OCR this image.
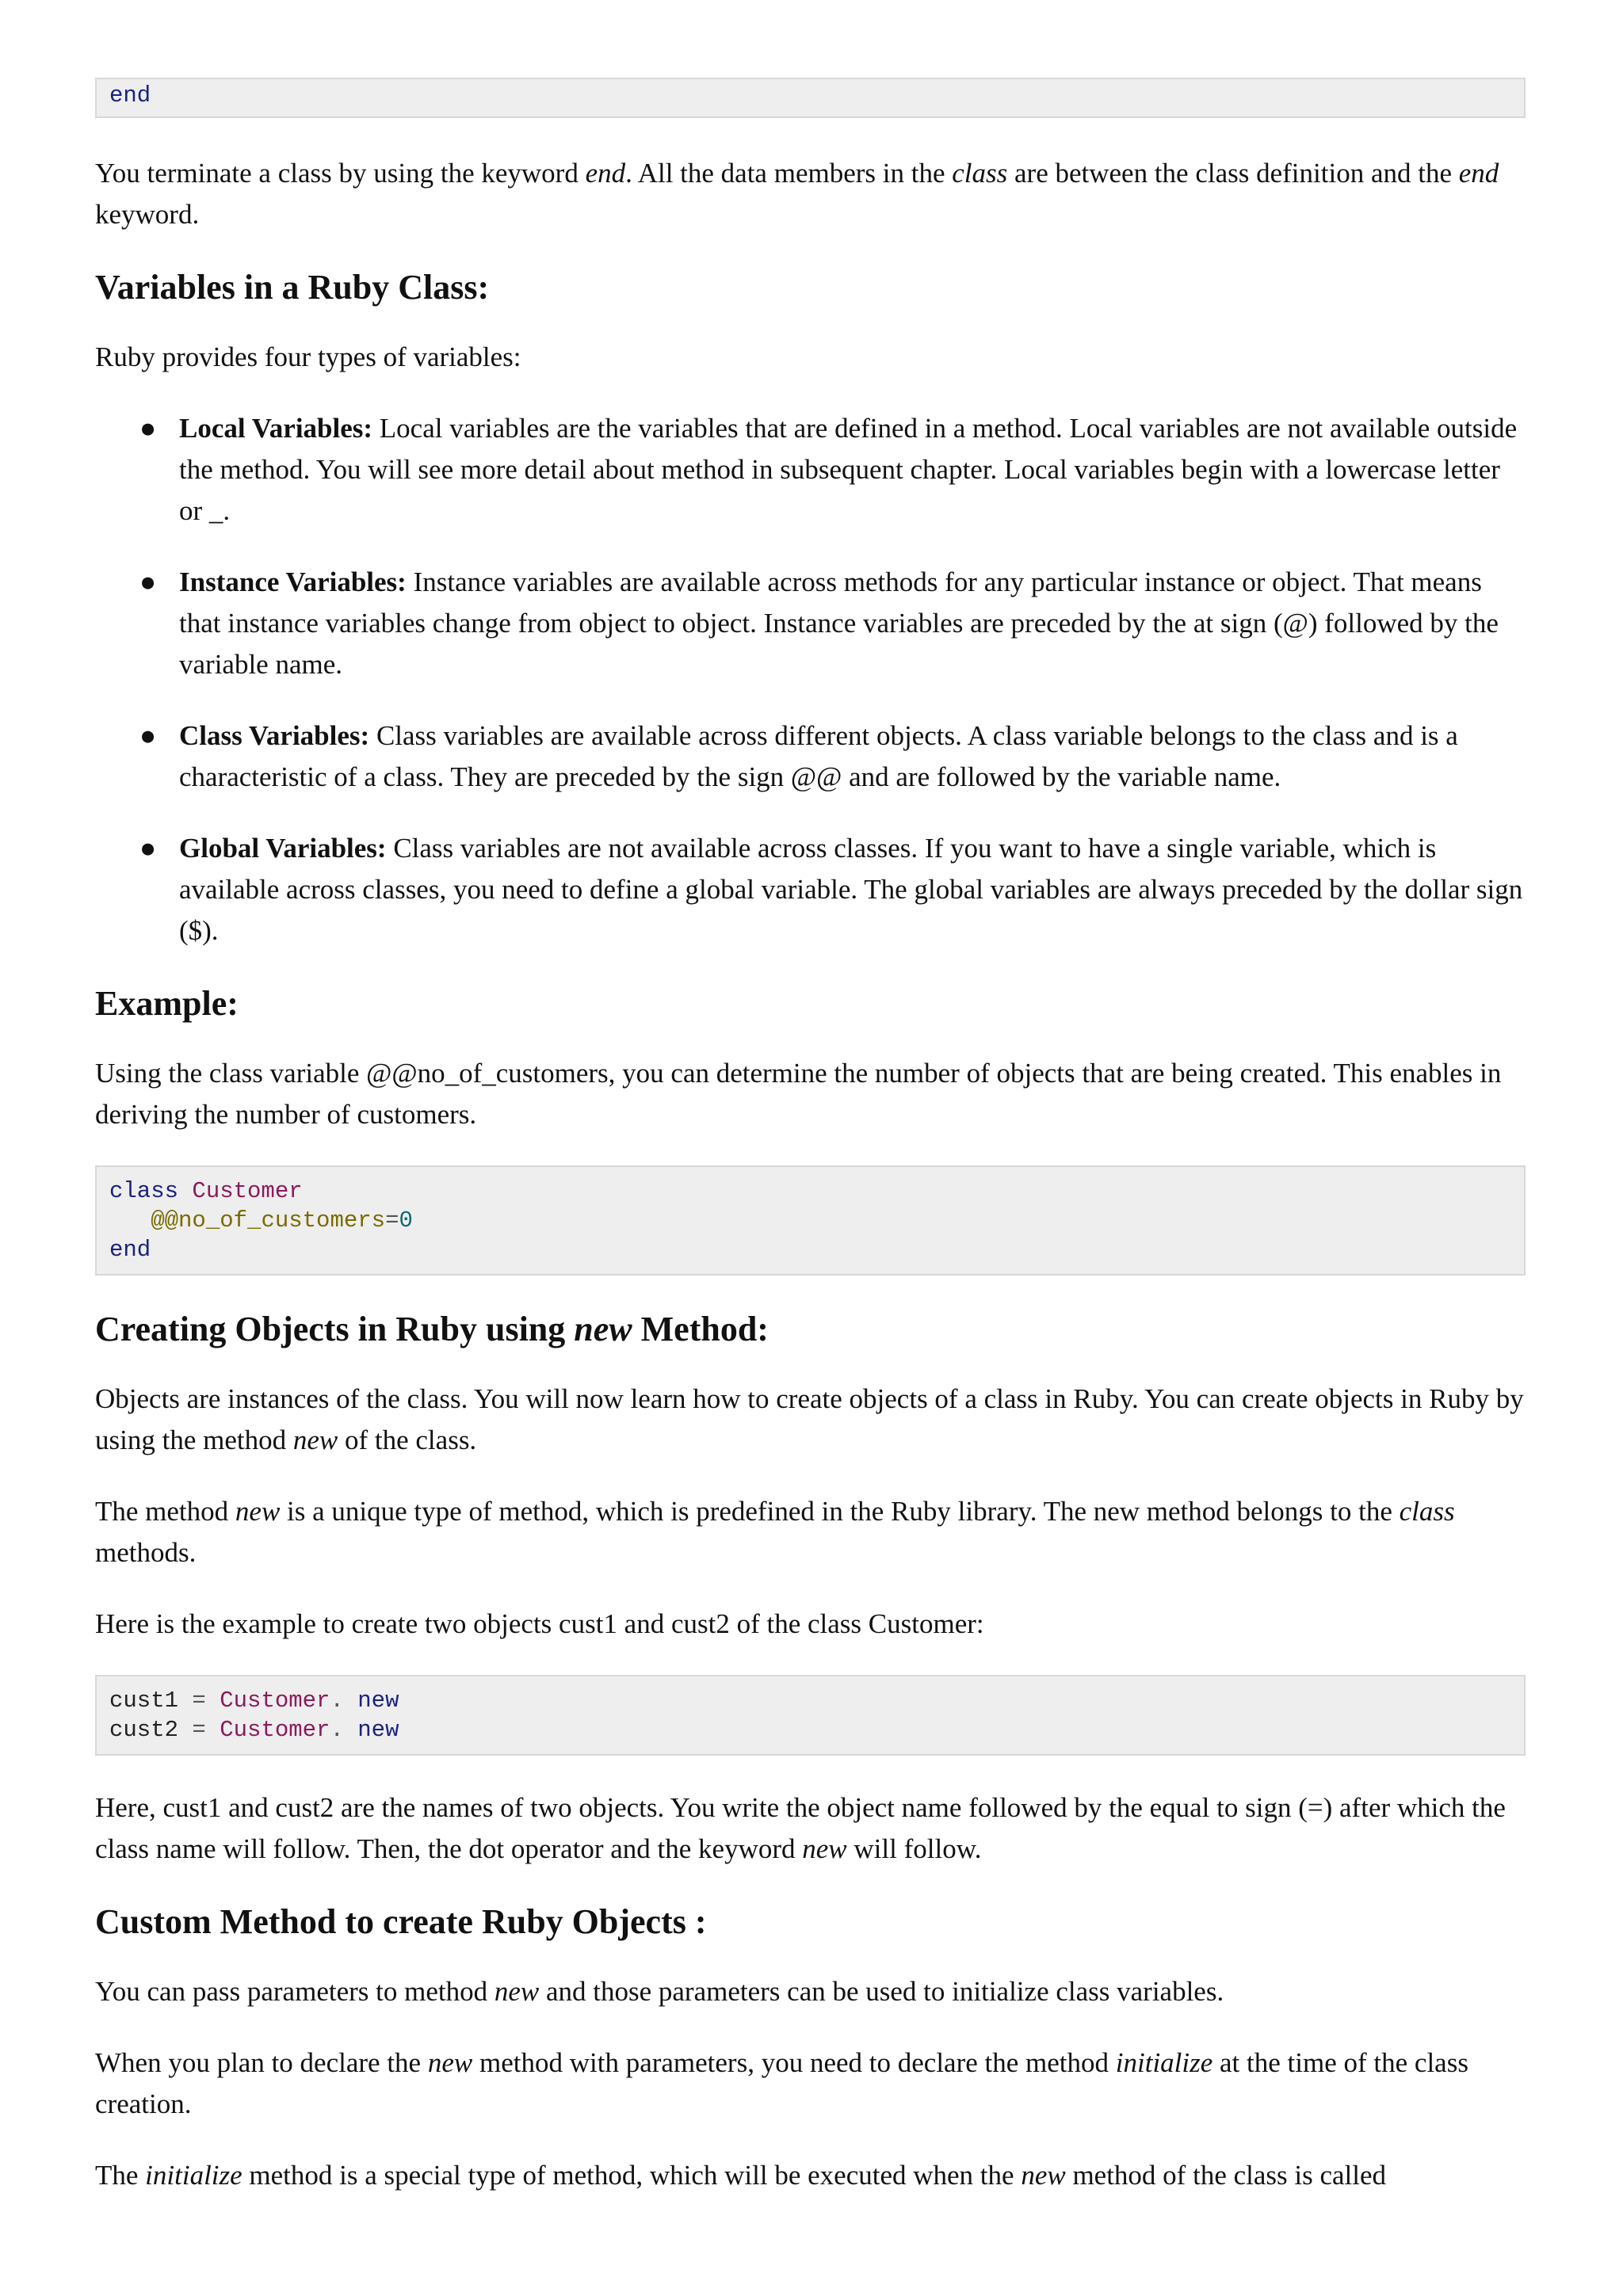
end

You terminate a class by using the keyword end. All the data members in the class are between the class definition and the end keyword.

Variables in a Ruby Class:

Ruby provides four types of variables:

● Local Variables: Local variables are the variables that are defined in a method. Local variables are not available outside the method. You will see more detail about method in subsequent chapter. Local variables begin with a lowercase letter or _.
● Instance Variables: Instance variables are available across methods for any particular instance or object. That means that instance variables change from object to object. Instance variables are preceded by the at sign (@) followed by the variable name.
● Class Variables: Class variables are available across different objects. A class variable belongs to the class and is a characteristic of a class. They are preceded by the sign @@ and are followed by the variable name.
● Global Variables: Class variables are not available across classes. If you want to have a single variable, which is available across classes, you need to define a global variable. The global variables are always preceded by the dollar sign ($).
Example:

Using the class variable @@no_of_customers, you can determine the number of objects that are being created. This enables in deriving the number of customers.

class Customer
@@no_of_customers=0
end
Creating Objects in Ruby using new Method:

Objects are instances of the class. You will now learn how to create objects of a class in Ruby. You can create objects in Ruby by using the method new of the class.

The method new is a unique type of method, which is predefined in the Ruby library. The new method belongs to the class methods.

Here is the example to create two objects cust1 and cust2 of the class Customer:

cust1 = Customer. new
cust2 = Customer. new

Here, cust1 and cust2 are the names of two objects. You write the object name followed by the equal to sign (=) after which the class name will follow. Then, the dot operator and the keyword new will follow.

Custom Method to create Ruby Objects :

You can pass parameters to method new and those parameters can be used to initialize class variables.

When you plan to declare the new method with parameters, you need to declare the method initialize at the time of the class creation.

The initialize method is a special type of method, which will be executed when the new method of the class is called
